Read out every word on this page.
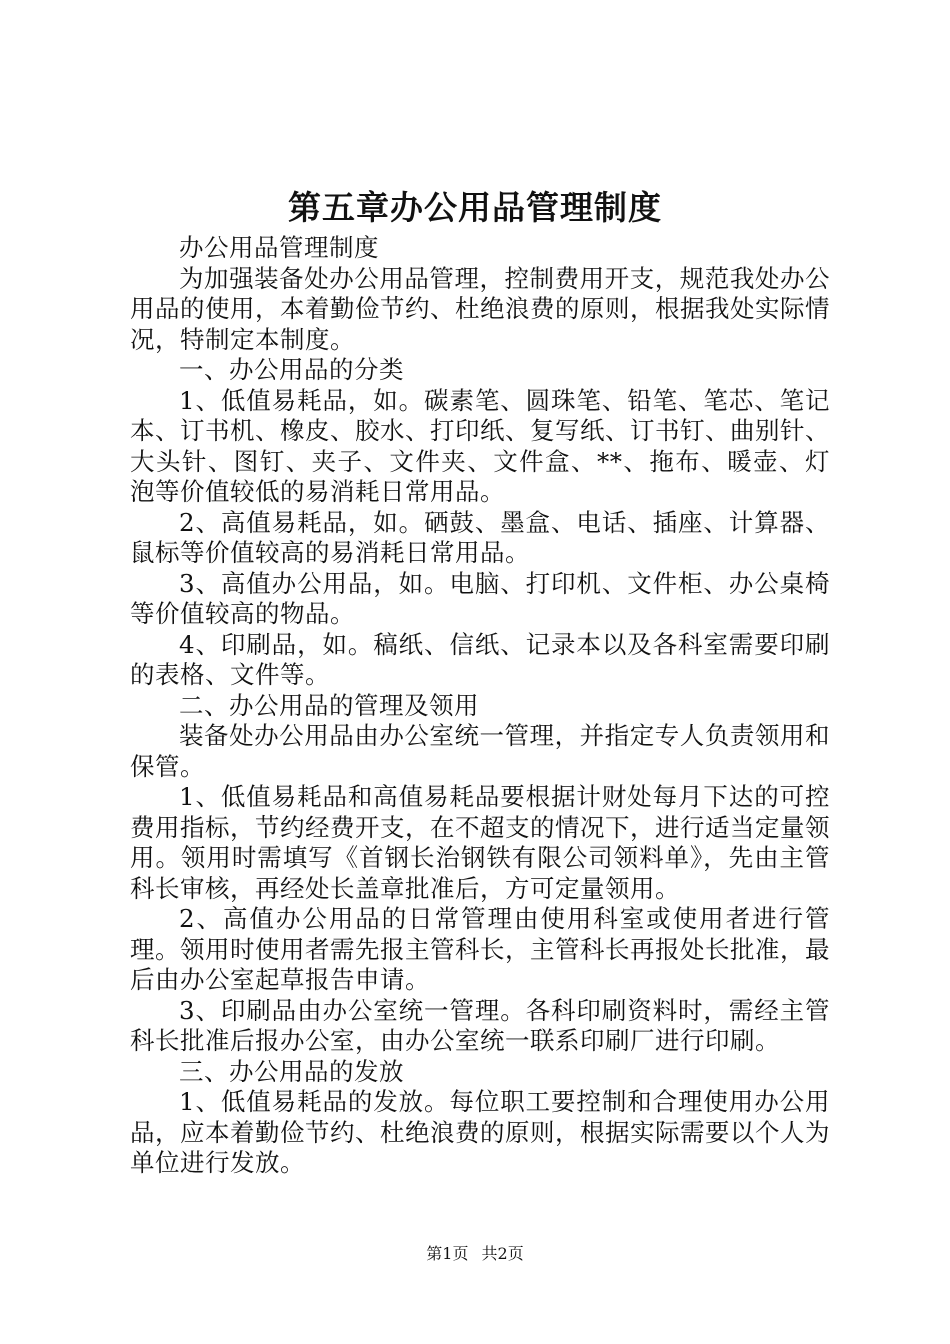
第五章办公用品管理制度

办公用品管理制度

为加强装备处办公用品管理，控制费用开支，规范我处办公用品的使用，本着勤俭节约、杜绝浪费的原则，根据我处实际情况，特制定本制度。

一、办公用品的分类

1、低值易耗品，如。碳素笔、圆珠笔、铅笔、笔芯、笔记本、订书机、橡皮、胶水、打印纸、复写纸、订书钉、曲别针、大头针、图钉、夹子、文件夹、文件盒、**、拖布、暖壶、灯泡等价值较低的易消耗日常用品。

2、高值易耗品，如。硒鼓、墨盒、电话、插座、计算器、鼠标等价值较高的易消耗日常用品。

3、高值办公用品，如。电脑、打印机、文件柜、办公桌椅等价值较高的物品。

4、印刷品，如。稿纸、信纸、记录本以及各科室需要印刷的表格、文件等。

二、办公用品的管理及领用

装备处办公用品由办公室统一管理，并指定专人负责领用和保管。

1、低值易耗品和高值易耗品要根据计财处每月下达的可控费用指标，节约经费开支，在不超支的情况下，进行适当定量领用。领用时需填写《首钢长治钢铁有限公司领料单》，先由主管科长审核，再经处长盖章批准后，方可定量领用。

2、高值办公用品的日常管理由使用科室或使用者进行管理。领用时使用者需先报主管科长，主管科长再报处长批准，最后由办公室起草报告申请。

3、印刷品由办公室统一管理。各科印刷资料时，需经主管科长批准后报办公室，由办公室统一联系印刷厂进行印刷。

三、办公用品的发放

1、低值易耗品的发放。每位职工要控制和合理使用办公用品，应本着勤俭节约、杜绝浪费的原则，根据实际需要以个人为单位进行发放。

第1页 共2页
